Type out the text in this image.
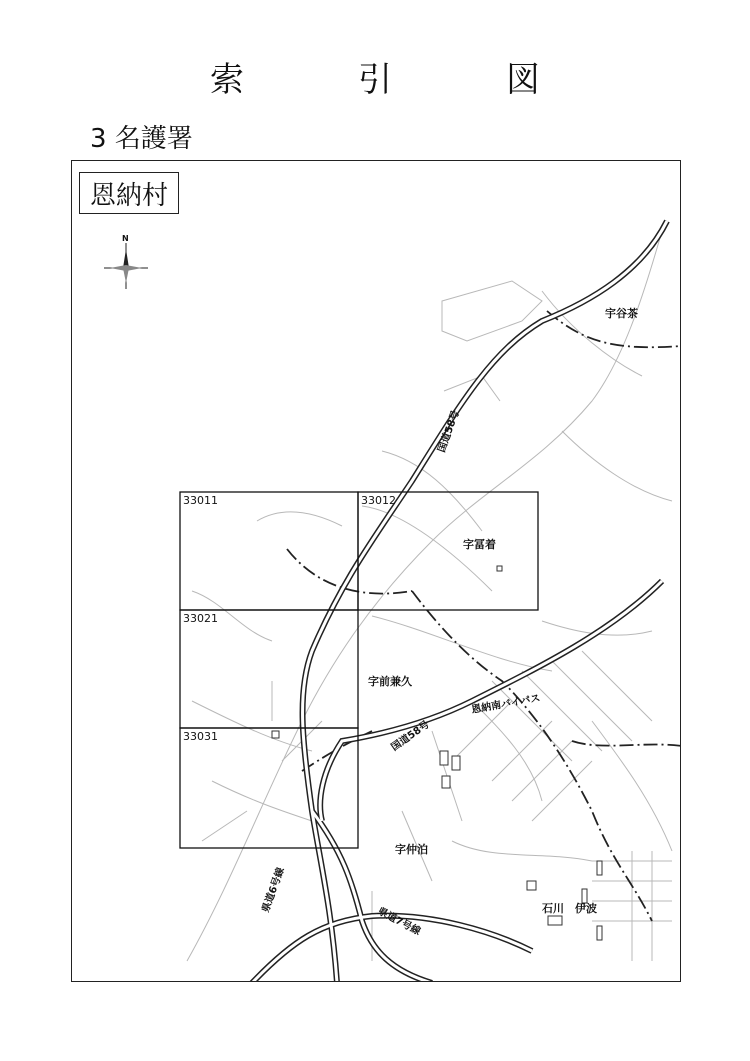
索　引　図
3 名護署
33011	33012
33021
33031
N
宇谷茶
字冨着
字前兼久
字仲泊
石川　伊波
国道58号
恩納南バイパス
国道58号
県道6号線
県道7号線
恩納村
